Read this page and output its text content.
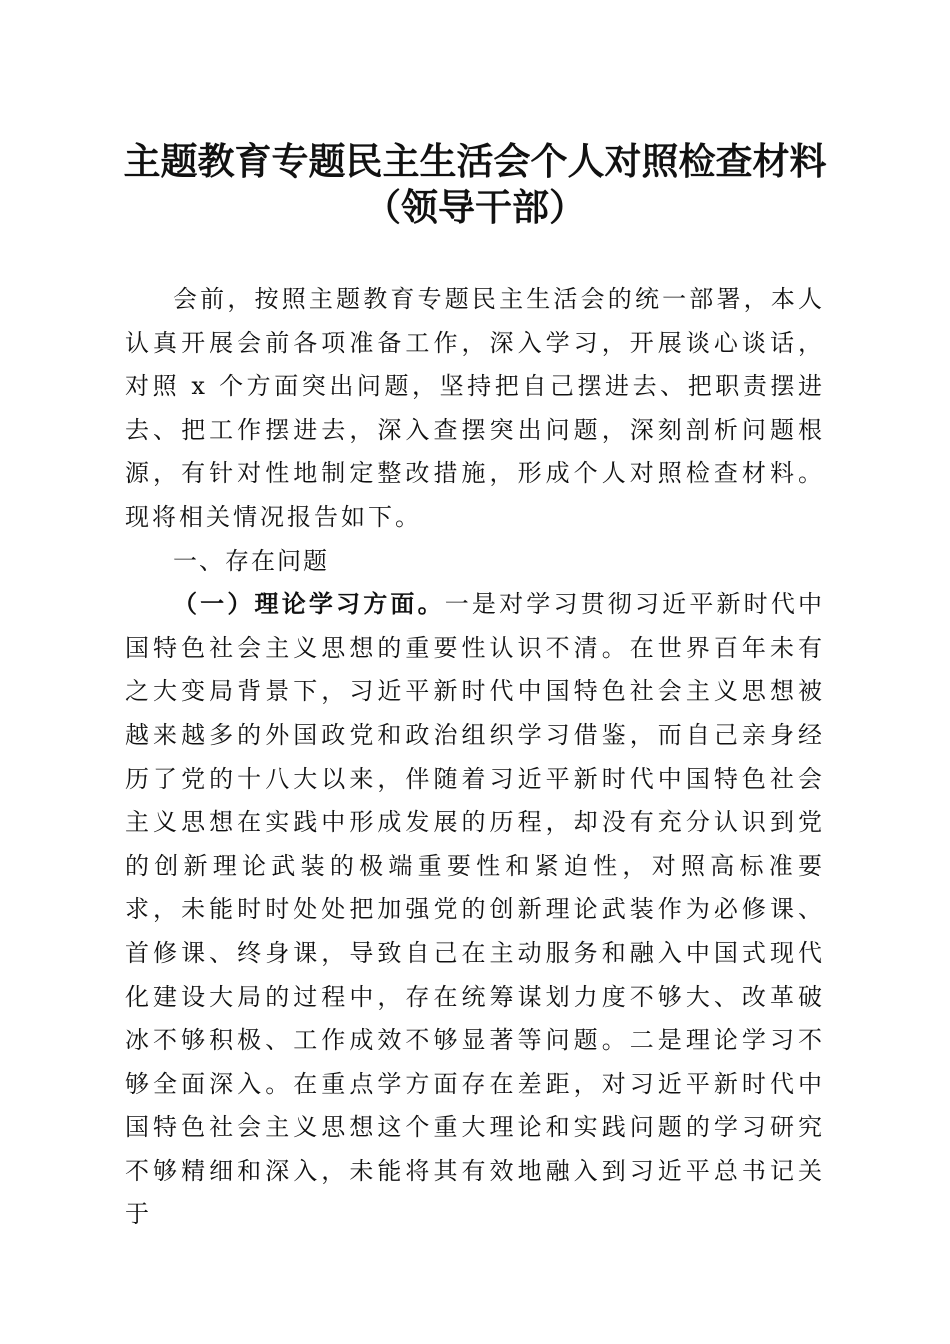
主题教育专题民主生活会个人对照检查材料
（领导干部）

会前，按照主题教育专题民主生活会的统一部署，本人认真开展会前各项准备工作，深入学习，开展谈心谈话，对照 x 个方面突出问题，坚持把自己摆进去、把职责摆进去、把工作摆进去，深入查摆突出问题，深刻剖析问题根源，有针对性地制定整改措施，形成个人对照检查材料。现将相关情况报告如下。

一、存在问题

（一）理论学习方面。一是对学习贯彻习近平新时代中国特色社会主义思想的重要性认识不清。在世界百年未有之大变局背景下，习近平新时代中国特色社会主义思想被越来越多的外国政党和政治组织学习借鉴，而自己亲身经历了党的十八大以来，伴随着习近平新时代中国特色社会主义思想在实践中形成发展的历程，却没有充分认识到党的创新理论武装的极端重要性和紧迫性，对照高标准要求，未能时时处处把加强党的创新理论武装作为必修课、首修课、终身课，导致自己在主动服务和融入中国式现代化建设大局的过程中，存在统筹谋划力度不够大、改革破冰不够积极、工作成效不够显著等问题。二是理论学习不够全面深入。在重点学方面存在差距，对习近平新时代中国特色社会主义思想这个重大理论和实践问题的学习研究不够精细和深入，未能将其有效地融入到习近平总书记关于
